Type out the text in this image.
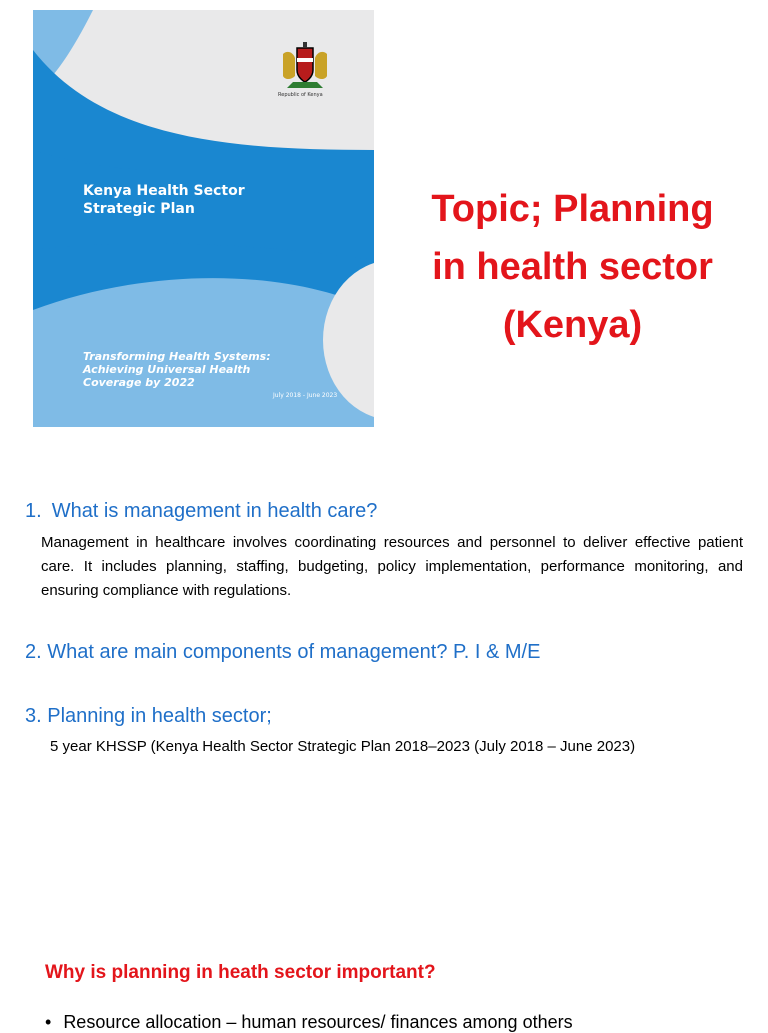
Republic of Kenya
Kenya Health Sector
Strategic Plan
Transforming Health Systems:
Achieving Universal Health
Coverage by 2022
July 2018 - June 2023
Topic; Planning
in health sector
(Kenya)
1. What is management in health care?
Management in healthcare involves coordinating resources and personnel to deliver effective patient care. It includes planning, staffing, budgeting, policy implementation, performance monitoring, and ensuring compliance with regulations.
2. What are main components of management? P. I & M/E
3. Planning in health sector;
5 year KHSSP (Kenya Health Sector Strategic Plan 2018–2023 (July 2018 – June 2023)
Why is planning in heath sector important?
• Resource allocation – human resources/ finances among others
